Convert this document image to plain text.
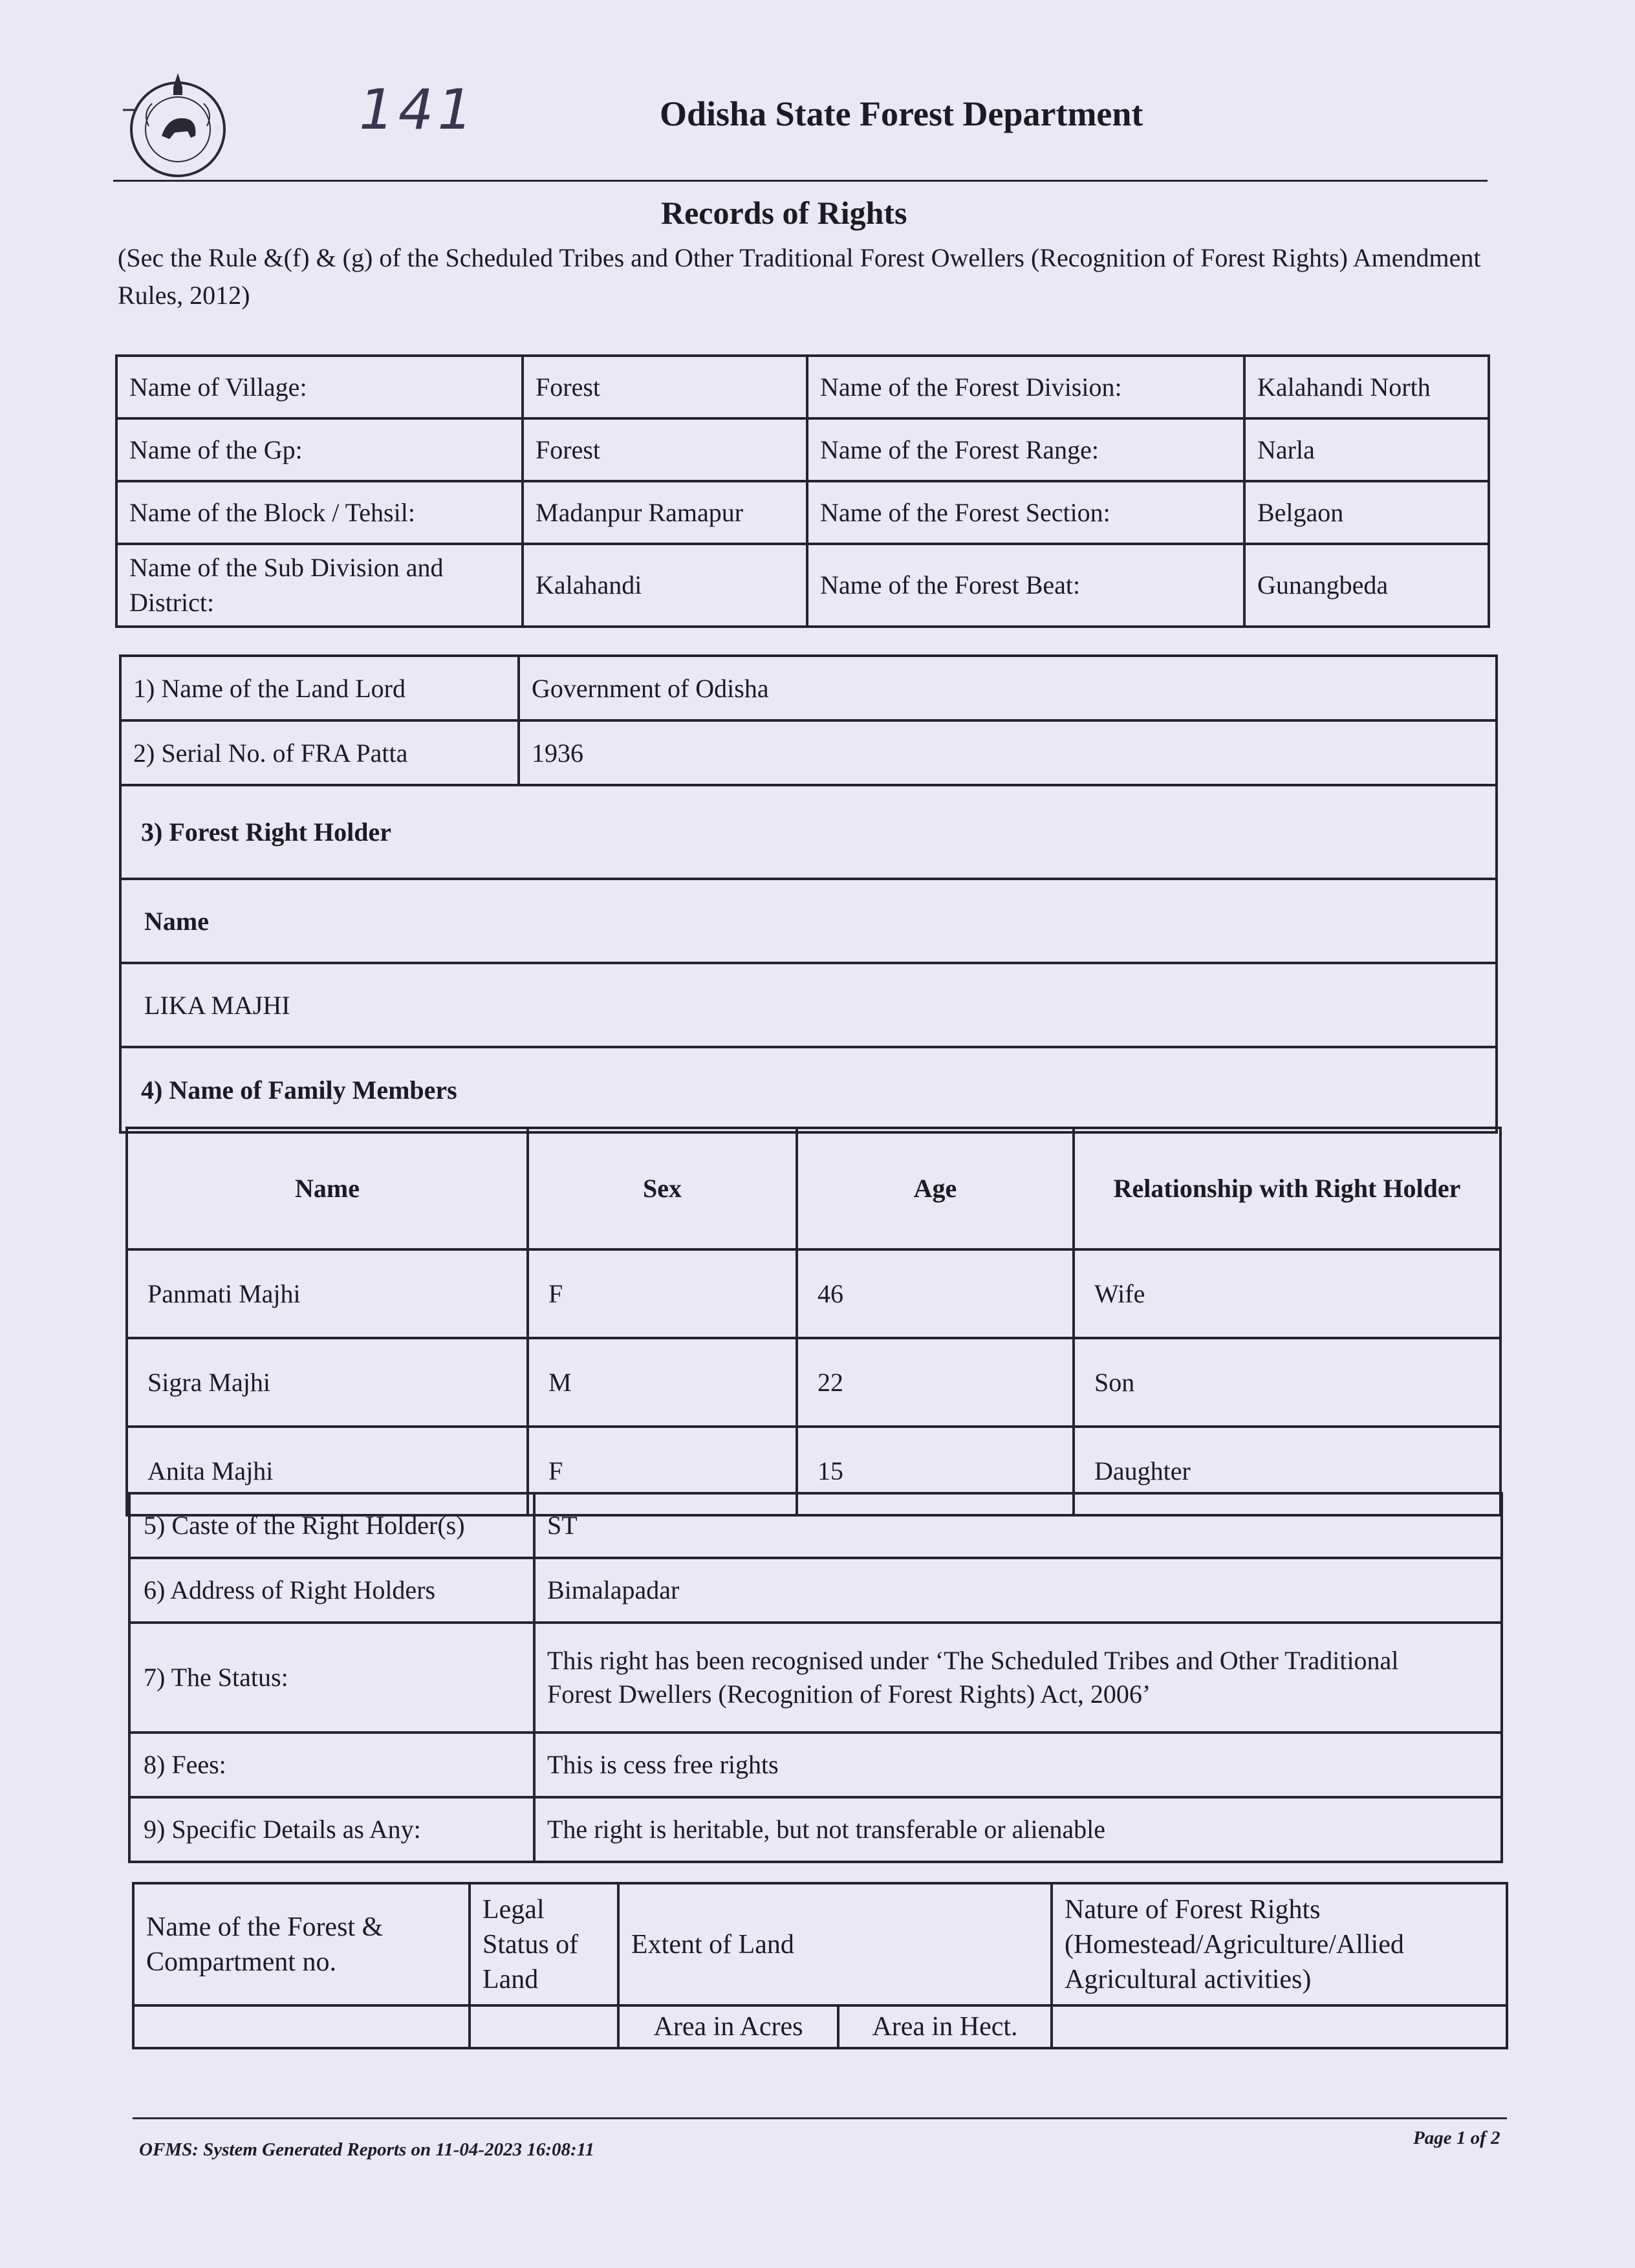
141	Odisha State Forest Department
Records of Rights
(Sec the Rule &(f) & (g) of the Scheduled Tribes and Other Traditional Forest Owellers (Recognition of Forest Rights) Amendment Rules, 2012)
Name of Village:	Forest	Name of the Forest Division:	Kalahandi North
Name of the Gp:	Forest	Name of the Forest Range:	Narla
Name of the Block / Tehsil:	Madanpur Ramapur	Name of the Forest Section:	Belgaon
Name of the Sub Division and District:	Kalahandi	Name of the Forest Beat:	Gunangbeda
1) Name of the Land Lord	Government of Odisha
2) Serial No. of FRA Patta	1936
3) Forest Right Holder	
Name	
LIKA MAJHI	
4) Name of Family Members	
Name	Sex	Age	Relationship with Right Holder
Panmati Majhi	F	46	Wife
Sigra Majhi	M	22	Son
Anita Majhi	F	15	Daughter
5) Caste of the Right Holder(s)	ST
6) Address of Right Holders	Bimalapadar
7) The Status:	This right has been recognised under ‘The Scheduled Tribes and Other Traditional
Forest Dwellers (Recognition of Forest Rights) Act, 2006’
8) Fees:	This is cess free rights
9) Specific Details as Any:	The right is heritable, but not transferable or alienable
Name of the Forest & Compartment no.	Legal Status of Land	Extent of Land		Nature of Forest Rights (Homestead/Agriculture/Allied Agricultural activities)
		Area in Acres	Area in Hect.	
OFMS: System Generated Reports on 11-04-2023 16:08:11
Page 1 of 2
